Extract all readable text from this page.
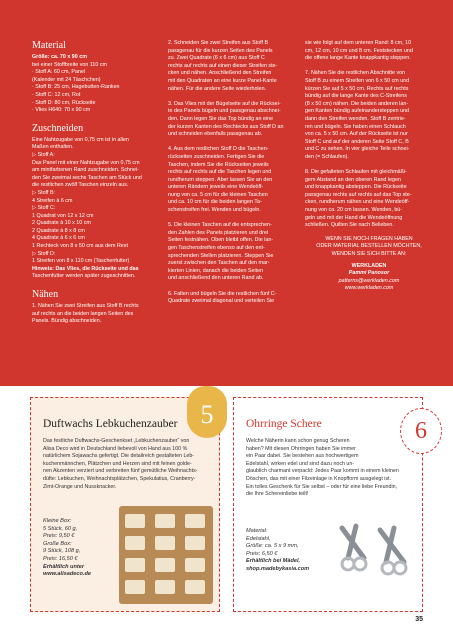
Material
Größe: ca. 70 x 90 cm
bei einer Stoffbreite von 110 cm
· Stoff A: 60 cm, Panel
(Kalender mit 24 Täschchen)
· Stoff B: 25 cm, Hagebutten-Ranken
· Stoff C: 12 cm, Rot
· Stoff D: 80 cm, Rückseite
· Vlies H640: 70 x 90 cm
Zuschneiden
Eine Nahtzugabe von 0,75 cm ist in allen
Maßen enthalten.
▷ Stoff A:
Das Panel mit einer Nahtzugabe von 0,75 cm
am mintfarbenen Rand zuschneiden. Schnei-
den Sie zweimal sechs Taschen am Stück und
die restlichen zwölf Taschen einzeln aus.
▷ Stoff B:
4 Streifen à 6 cm
▷ Stoff C:
1 Quadrat von 12 x 12 cm
2 Quadrate à 10 x 10 cm
2 Quadrate à 8 x 8 cm
4 Quadrate à 6 x 6 cm
1 Rechteck von 8 x 50 cm aus dem Rest
▷ Stoff D:
1 Streifen von 8 x 110 cm (Taschenfutter)
Hinweis: Das Vlies, die Rückseite und das
Taschenfutter werden später zugeschnitten.
Nähen
1. Nähen Sie zwei Streifen aus Stoff B rechts
auf rechts an die beiden langen Seiten des
Panels. Bündig abschneiden.
2. Schneiden Sie zwei Streifen aus Stoff B
passgenau für die kurzen Seiten des Panels
zu. Zwei Quadrate (6 x 6 cm) aus Stoff C
rechts auf rechts auf einen dieser Streifen ste-
cken und nähen. Anschließend den Streifen
mit den Quadraten an eine kurze Panel-Kante
nähen. Für die andere Seite wiederholen.
3. Das Vlies mit der Bügelseite auf die Rücksei-
te des Panels bügeln und passgenau abschnei-
den. Dann legen Sie das Top bündig an eine
der kurzen Kanten des Rechtecks aus Stoff D an
und schneiden ebenfalls passgenau ab.
4. Aus dem restlichen Stoff D die Taschen-
rückseiten zuschneiden. Fertigen Sie die
Taschen, indem Sie die Rückseiten jeweils
rechts auf rechts auf die Taschen legen und
rundherum steppen. Aber lassen Sie an den
unteren Rändern jeweils eine Wendeöff-
nung von ca. 5 cm für die kleinen Taschen
und ca. 10 cm für die beiden langen Ta-
schenstreifen frei. Wenden und bügeln.
5. Die kleinen Taschen auf die entsprechen-
den Zahlen des Panels platzieren und drei
Seiten festnähen. Oben bleibt offen. Die lan-
gen Taschenstreifen ebenso auf den ent-
sprechenden Stellen platzieren. Steppen Sie
zuerst zwischen den Taschen auf den mar-
kierten Linien, danach die beiden Seiten
und anschließend den unteren Rand ab.
6. Falten und bügeln Sie die restlichen fünf C-
Quadrate zweimal diagonal und verteilen Sie
sie wie folgt auf dem unteren Rand: 8 cm, 10
cm, 12 cm, 10 cm und 8 cm. Feststecken und
die offene lange Kante knappkantig steppen.
7. Nähen Sie die restlichen Abschnitte von
Stoff B zu einem Streifen von 6 x 50 cm und
kürzen Sie auf 5 x 50 cm. Rechts auf rechts
bündig auf die lange Kante des C-Streifens
(8 x 50 cm) nähen. Die beiden anderen lan-
gen Kanten bündig aufeinandersteppen und
dann den Streifen wenden. Stoff B zentrie-
ren und bügeln. Sie haben einen Schlauch
von ca. 5 x 50 cm. Auf der Rückseite ist nur
Stoff C und auf der anderen Seite Stoff C, B
und C zu sehen. In vier gleiche Teile schnei-
den (= Schlaufen).
8. Die gefalteten Schlaufen mit gleichmäßi-
gem Abstand an den oberen Rand legen
und knappkantig absteppen. Die Rückseite
passgenau rechts auf rechts auf das Top ste-
cken, rundherum nähen und eine Wendeöff-
nung von ca. 20 cm lassen. Wenden, bü-
geln und mit der Hand die Wendeöffnung
schließen. Quilten Sie nach Belieben.
WENN SIE NOCH FRAGEN HABEN
ODER MATERIAL BESTELLEN MÖCHTEN,
WENDEN SIE SICH BITTE AN:
WERKLADEN
Pammi Panosor
patterns@werkladen.com
www.werkladen.com
Duftwachs Lebkuchenzauber
Das festliche Duftwachs-Geschenkset „Lebkuchenzauber“ von
Alisa Deco wird in Deutschland liebevoll von Hand aus 100 %
natürlichem Sojawachs gefertigt. Die detailreich gestalteten Leb-
kuchenmännchen, Plätzchen und Herzen sind mit feinen golde-
nen Akzenten verziert und verbreiten fünf gemütliche Weihnachts-
düfte: Lebkuchen, Weihnachtsplätzchen, Spekulatius, Cranberry-
Zimt-Orange und Nussknacker.
Kleine Box:
5 Stück, 60 g,
Preis: 9,50 €
Große Box:
9 Stück, 108 g,
Preis: 16,50 €
Erhältlich unter
www.alisadeco.de
5	Ohrringe Schere
Welche Näherin kann schon genug Scheren
haben? Mit diesen Ohrringen haben Sie immer
ein Paar dabei. Sie bestehen aus hochwertigem
Edelstahl, wirken edel und sind dazu noch un-
glaublich charmant verpackt: Jedes Paar kommt in einem kleinen
Döschen, das mit einer Filzeinlage in Knopfform ausgelegt ist.
Ein tolles Geschenk für Sie selbst – oder für eine liebe Freundin,
die Ihre Schereinliebe teilt!
Material:
Edelstahl,
Größe: ca. 5 x 9 mm,
Preis: 6,50 €
Erhältlich bei Mädel,
shop.madebykasia.com
6
35
